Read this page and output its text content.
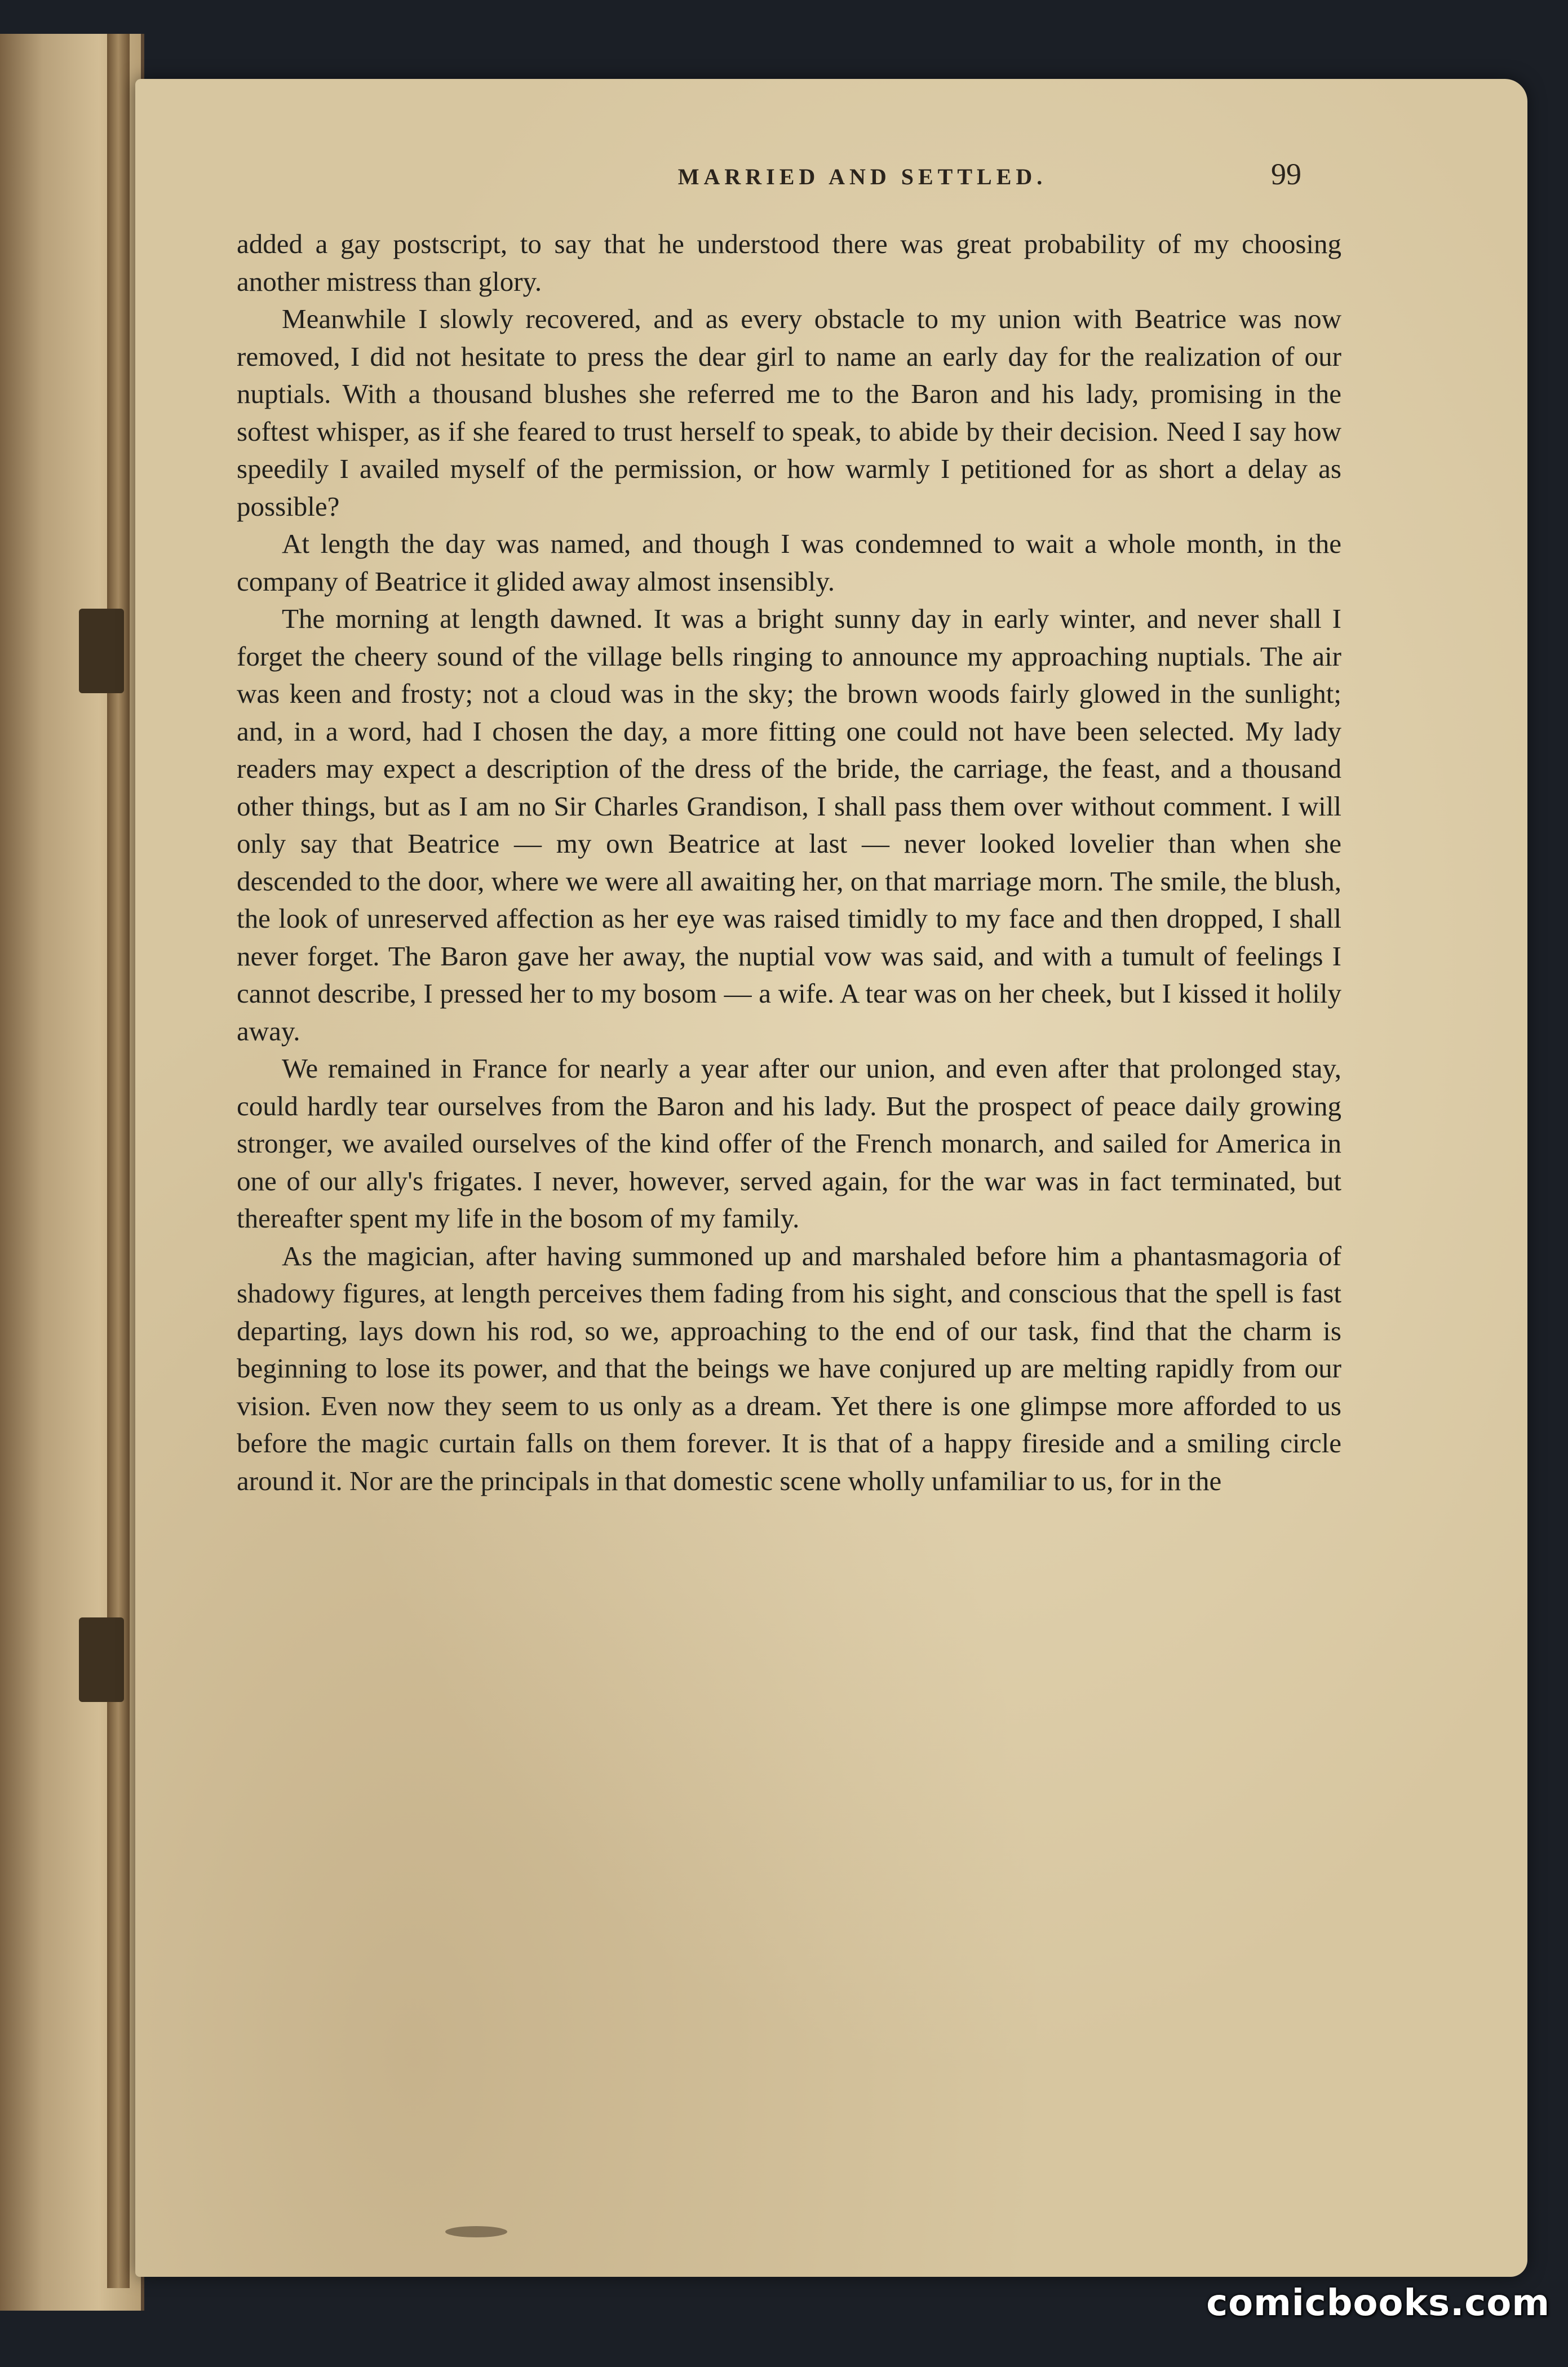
MARRIED AND SETTLED.	99

added a gay postscript, to say that he understood there was great probability of my choosing another mistress than glory.

Meanwhile I slowly recovered, and as every obstacle to my union with Beatrice was now removed, I did not hesitate to press the dear girl to name an early day for the realization of our nuptials. With a thousand blushes she referred me to the Baron and his lady, promising in the softest whisper, as if she feared to trust herself to speak, to abide by their decision. Need I say how speedily I availed myself of the permission, or how warmly I petitioned for as short a delay as possible?

At length the day was named, and though I was condemned to wait a whole month, in the company of Beatrice it glided away almost insensibly.

The morning at length dawned. It was a bright sunny day in early winter, and never shall I forget the cheery sound of the village bells ringing to announce my approaching nuptials. The air was keen and frosty; not a cloud was in the sky; the brown woods fairly glowed in the sunlight; and, in a word, had I chosen the day, a more fitting one could not have been selected. My lady readers may expect a description of the dress of the bride, the carriage, the feast, and a thousand other things, but as I am no Sir Charles Grandison, I shall pass them over without comment. I will only say that Beatrice — my own Beatrice at last — never looked lovelier than when she descended to the door, where we were all awaiting her, on that marriage morn. The smile, the blush, the look of unreserved affection as her eye was raised timidly to my face and then dropped, I shall never forget. The Baron gave her away, the nuptial vow was said, and with a tumult of feelings I cannot describe, I pressed her to my bosom — a wife. A tear was on her cheek, but I kissed it holily away.

We remained in France for nearly a year after our union, and even after that prolonged stay, could hardly tear ourselves from the Baron and his lady. But the prospect of peace daily growing stronger, we availed ourselves of the kind offer of the French monarch, and sailed for America in one of our ally's frigates. I never, however, served again, for the war was in fact terminated, but thereafter spent my life in the bosom of my family.

As the magician, after having summoned up and marshaled before him a phantasmagoria of shadowy figures, at length perceives them fading from his sight, and conscious that the spell is fast departing, lays down his rod, so we, approaching to the end of our task, find that the charm is beginning to lose its power, and that the beings we have conjured up are melting rapidly from our vision. Even now they seem to us only as a dream. Yet there is one glimpse more afforded to us before the magic curtain falls on them forever. It is that of a happy fireside and a smiling circle around it. Nor are the principals in that domestic scene wholly unfamiliar to us, for in the

comicbooks.com
